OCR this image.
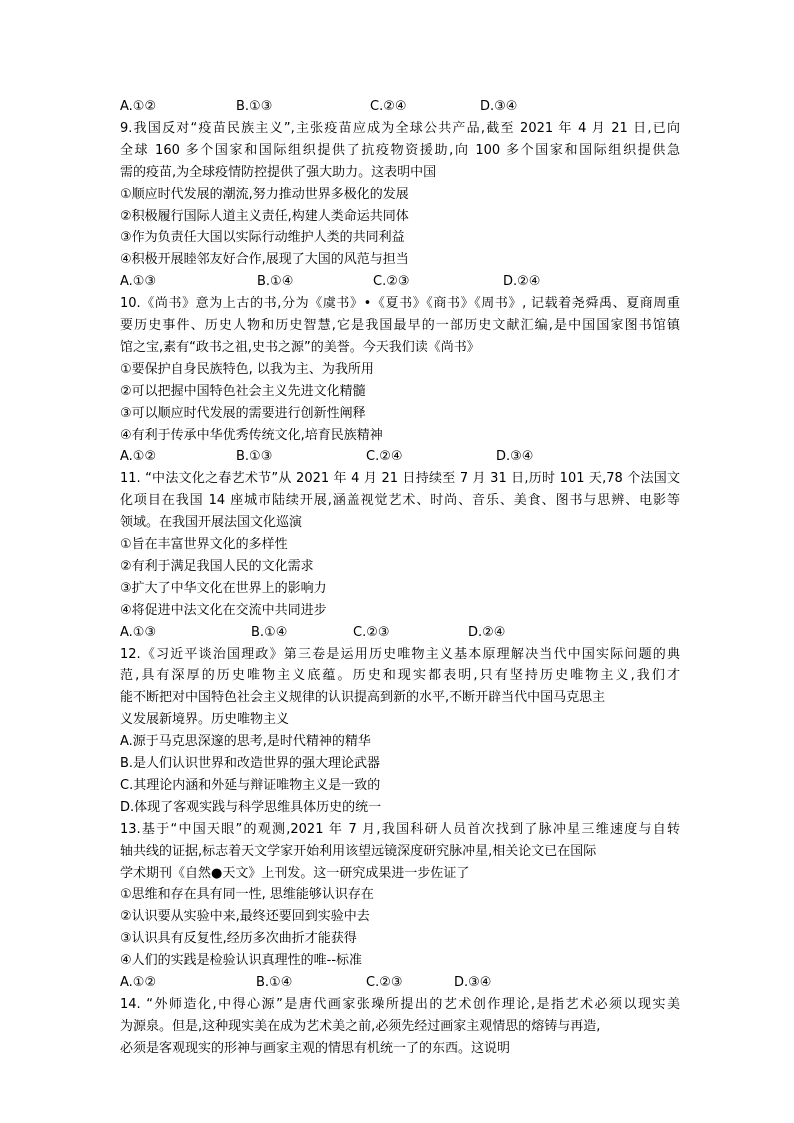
A.①②	B.①③	C.②④	D.③④
9.我国反对“疫苗民族主义”,主张疫苗应成为全球公共产品,截至 2021 年 4 月 21 日,已向
全球 160 多个国家和国际组织提供了抗疫物资援助,向 100 多个国家和国际组织提供急
需的疫苗,为全球疫情防控提供了强大助力。这表明中国
①顺应时代发展的潮流,努力推动世界多极化的发展
②积极履行国际人道主义责任,构建人类命运共同体
③作为负责任大国以实际行动维护人类的共同利益
④积极开展睦邻友好合作,展现了大国的风范与担当
A.①③	B.①④	C.②③	D.②④
10.《尚书》意为上古的书,分为《虞书》•《夏书》《商书》《周书》, 记载着尧舜禹、夏商周重
要历史事件、历史人物和历史智慧,它是我国最早的一部历史文献汇编,是中国国家图书馆镇
馆之宝,素有“政书之祖,史书之源”的美誉。今天我们读《尚书》
①要保护自身民族特色, 以我为主、为我所用
②可以把握中国特色社会主义先进文化精髓
③可以顺应时代发展的需要进行创新性阐释
④有利于传承中华优秀传统文化,培育民族精神
A.①②	B.①③	C.②④	D.③④
11. “中法文化之春艺术节”从 2021 年 4 月 21 日持续至 7 月 31 日,历时 101 天,78 个法国文
化项目在我国 14 座城市陆续开展,涵盖视觉艺术、时尚、音乐、美食、图书与思辨、电影等
领域。在我国开展法国文化巡演
①旨在丰富世界文化的多样性
②有利于满足我国人民的文化需求
③扩大了中华文化在世界上的影响力
④将促进中法文化在交流中共同进步
A.①③	B.①④	C.②③	D.②④
12.《习近平谈治国理政》第三卷是运用历史唯物主义基本原理解决当代中国实际问题的典
范,具有深厚的历史唯物主义底蕴。历史和现实都表明,只有坚持历史唯物主义,我们才
能不断把对中国特色社会主义规律的认识提高到新的水平,不断开辟当代中国马克思主
义发展新境界。历史唯物主义
A.源于马克思深邃的思考,是时代精神的精华
B.是人们认识世界和改造世界的强大理论武器
C.其理论内涵和外延与辩证唯物主义是一致的
D.体现了客观实践与科学思维具体历史的统一
13.基于“中国天眼”的观测,2021 年 7 月,我国科研人员首次找到了脉冲星三维速度与自转
轴共线的证据,标志着天文学家开始利用该望远镜深度研究脉冲星,相关论文已在国际
学术期刊《自然●天文》上刊发。这一研究成果进一步佐证了
①思维和存在具有同一性, 思维能够认识存在
②认识要从实验中来,最终还要回到实验中去
③认识具有反复性,经历多次曲折才能获得
④人们的实践是检验认识真理性的唯--标准
A.①②	B.①④	C.②③	D.③④
14. “外师造化,中得心源”是唐代画家张璪所提出的艺术创作理论,是指艺术必须以现实美
为源泉。但是,这种现实美在成为艺术美之前,必须先经过画家主观情思的熔铸与再造,
必须是客观现实的形神与画家主观的情思有机统一了的东西。这说明
